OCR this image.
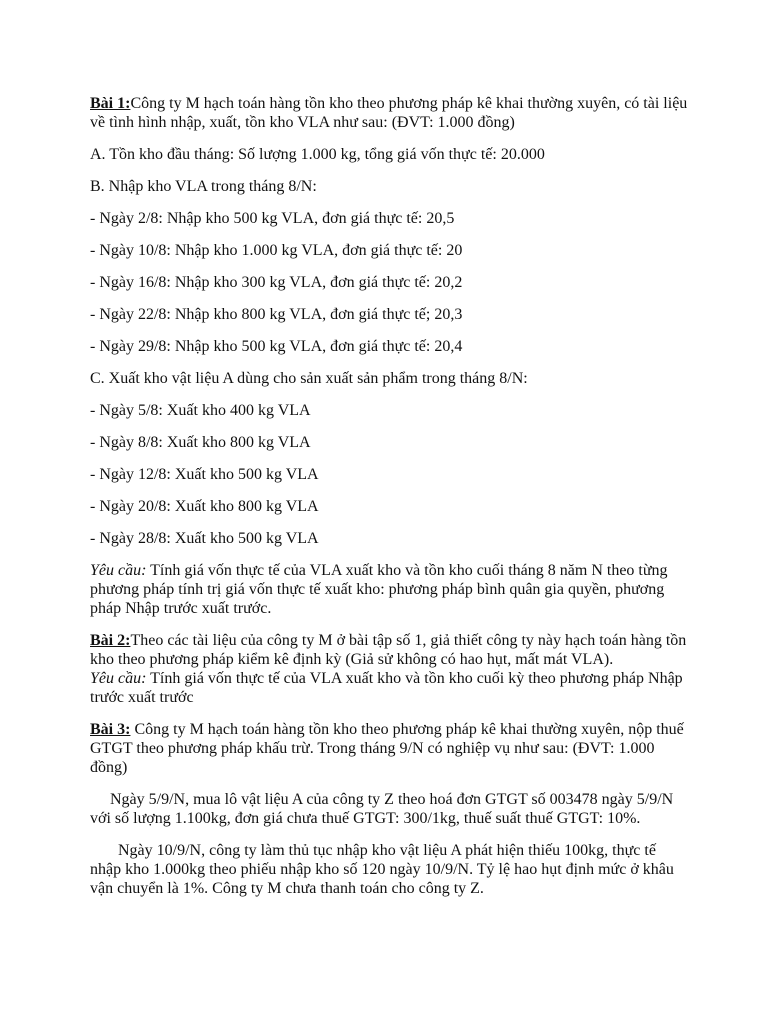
Bài 1:Công ty M hạch toán hàng tồn kho theo phương pháp kê khai thường xuyên, có tài liệu về tình hình nhập, xuất, tồn kho VLA như sau: (ĐVT: 1.000 đồng)

A. Tồn kho đầu tháng: Số lượng 1.000 kg, tổng giá vốn thực tế: 20.000

B. Nhập kho VLA trong tháng 8/N:

- Ngày 2/8: Nhập kho 500 kg VLA, đơn giá thực tế: 20,5

- Ngày 10/8: Nhập kho 1.000 kg VLA, đơn giá thực tế: 20

- Ngày 16/8: Nhập kho 300 kg VLA, đơn giá thực tế: 20,2

- Ngày 22/8: Nhập kho 800 kg VLA, đơn giá thực tế; 20,3

- Ngày 29/8: Nhập kho 500 kg VLA, đơn giá thực tế: 20,4

C. Xuất kho vật liệu A dùng cho sản xuất sản phẩm trong tháng 8/N:

- Ngày 5/8: Xuất kho 400 kg VLA

- Ngày 8/8: Xuất kho 800 kg VLA

- Ngày 12/8: Xuất kho 500 kg VLA

- Ngày 20/8: Xuất kho 800 kg VLA

- Ngày 28/8: Xuất kho 500 kg VLA

Yêu cầu: Tính giá vốn thực tế của VLA xuất kho và tồn kho cuối tháng 8 năm N theo từng phương pháp tính trị giá vốn thực tế xuất kho: phương pháp bình quân gia quyền, phương pháp Nhập trước xuất trước.

Bài 2:Theo các tài liệu của công ty M ở bài tập số 1, giả thiết công ty này hạch toán hàng tồn kho theo phương pháp kiểm kê định kỳ (Giả sử không có hao hụt, mất mát VLA).
Yêu cầu: Tính giá vốn thực tế của VLA xuất kho và tồn kho cuối kỳ theo phương pháp Nhập trước xuất trước

Bài 3: Công ty M hạch toán hàng tồn kho theo phương pháp kê khai thường xuyên, nộp thuế GTGT theo phương pháp khấu trừ. Trong tháng 9/N có nghiệp vụ như sau: (ĐVT: 1.000 đồng)

Ngày 5/9/N, mua lô vật liệu A của công ty Z theo hoá đơn GTGT số 003478 ngày 5/9/N với số lượng 1.100kg, đơn giá chưa thuế GTGT: 300/1kg, thuế suất thuế GTGT: 10%.

Ngày 10/9/N, công ty làm thủ tục nhập kho vật liệu A phát hiện thiếu 100kg, thực tế nhập kho 1.000kg theo phiếu nhập kho số 120 ngày 10/9/N. Tỷ lệ hao hụt định mức ở khâu vận chuyển là 1%. Công ty M chưa thanh toán cho công ty Z.
